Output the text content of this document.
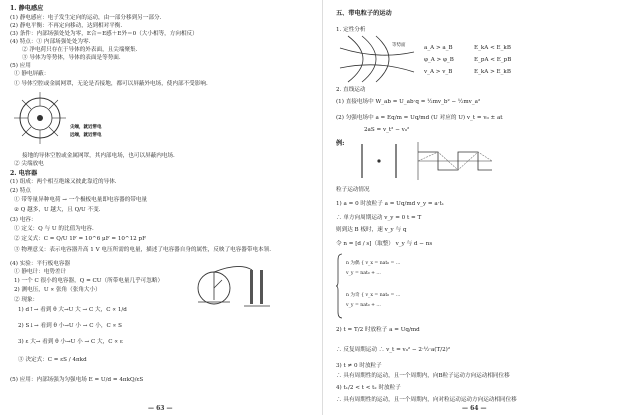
1. 静电感应
(1) 静电感应：电子发生定向的运动，由一部分移到另一部分.
(2) 静电平衡：不再定向移动，达到相对平衡.
(3) 条件：内部场强处处为零，E合＝E感＋E外＝0（大小相等，方向相反）
(4) 特点：① 内部场强处处为零.
② 净电荷只存在于导体的外表面，且尖端聚集.
③ 导体为等势体，导体的表面是等势面.
(5) 应用
① 静电屏蔽：
① 导体空腔或金属网罩，无论是否接地，都可以屏蔽外电场，使内部不受影响.
尖端，就近带电
远端，就近带电
接地的导体空腔或金属网罩，其内部电场，也可以屏蔽内电场.
② 尖端放电
2. 电容器
(1) 组成：两个相互绝缘又彼此靠近的导体.
(2) 特点
① 带等量异种电荷 → 一个极板电量即电容器的带电量
② Q 越多，U 越大，且 Q/U 不变.
(3) 电容：
① 定义：Q 与 U 的比值为电容.
② 定义式：C = Q/U 1F = 10^6 μF = 10^12 pF
③ 物理意义：表示电容器升高 1 V 电压所需的电量，描述了电容器自身的属性，反映了电容器带电本领.
(4) 实验：平行板电容器
① 静电计：电势差计
1) 一个 C 很小的电容器，Q = CU（所带电量几乎可忽略）
2) 测电压，U ∝ 张角（张角大小）
② 现象：
1) d↑→ 看到 θ 大→U 大 → C 大，C ∝ 1/d
2) S↓→ 看到 θ 小→U 小 → C 小，C ∝ S
3) ε 大→ 看到 θ 小→U 小 → C 大，C ∝ ε
③ 决定式：C = εS / 4πkd
(5) 应用：内部场强为匀强电场 E = U/d = 4πkQ/εS
— 63 —
五、带电粒子的运动
1. 定性分析
等势面	a_A > a_B	E_kA < E_kB
φ_A > φ_B	E_pA < E_pB
v_A > v_B	E_kA > E_kB
2. 直线运动
(1) 直接电场中 W_ab = U_ab·q = ½mv_b² − ½mv_a²
(2) 匀强电场中 a = Eq/m = Uq/md (U 对应的 U) v_t = v₀ ± at
2aS = v_t² − v₀²
例:
粒子运动情况
1) a = 0 时放粒子 a = Uq/md v_y = a·t₁
∴ 单方向周期运动 v_y = 0 t = T
则到达 B 板时，速 v_y 与 q
令 n = [d / s]（取整） v_y 与 d − ns
n 为偶 { v_x = nat₀ = ...
v_y = nat₀ + ...
n 为奇 { v_x = nat₀ = ...
v_y = nat₀ + ...
2) t = T/2 时放粒子 a = Uq/md
∴ 反复周期运动 ∴ v_t = v₀² − 2·½·a(T/2)²
3) t ≠ 0 时放粒子
∴ 具有周期性的运动，且一个周期内，向B粒子运动方向运动相同位移
4) t₁/2 < t < t₂ 时放粒子
∴ 具有周期性的运动，且一个周期内，向对粒运动运动方向运动相同位移
— 64 —
